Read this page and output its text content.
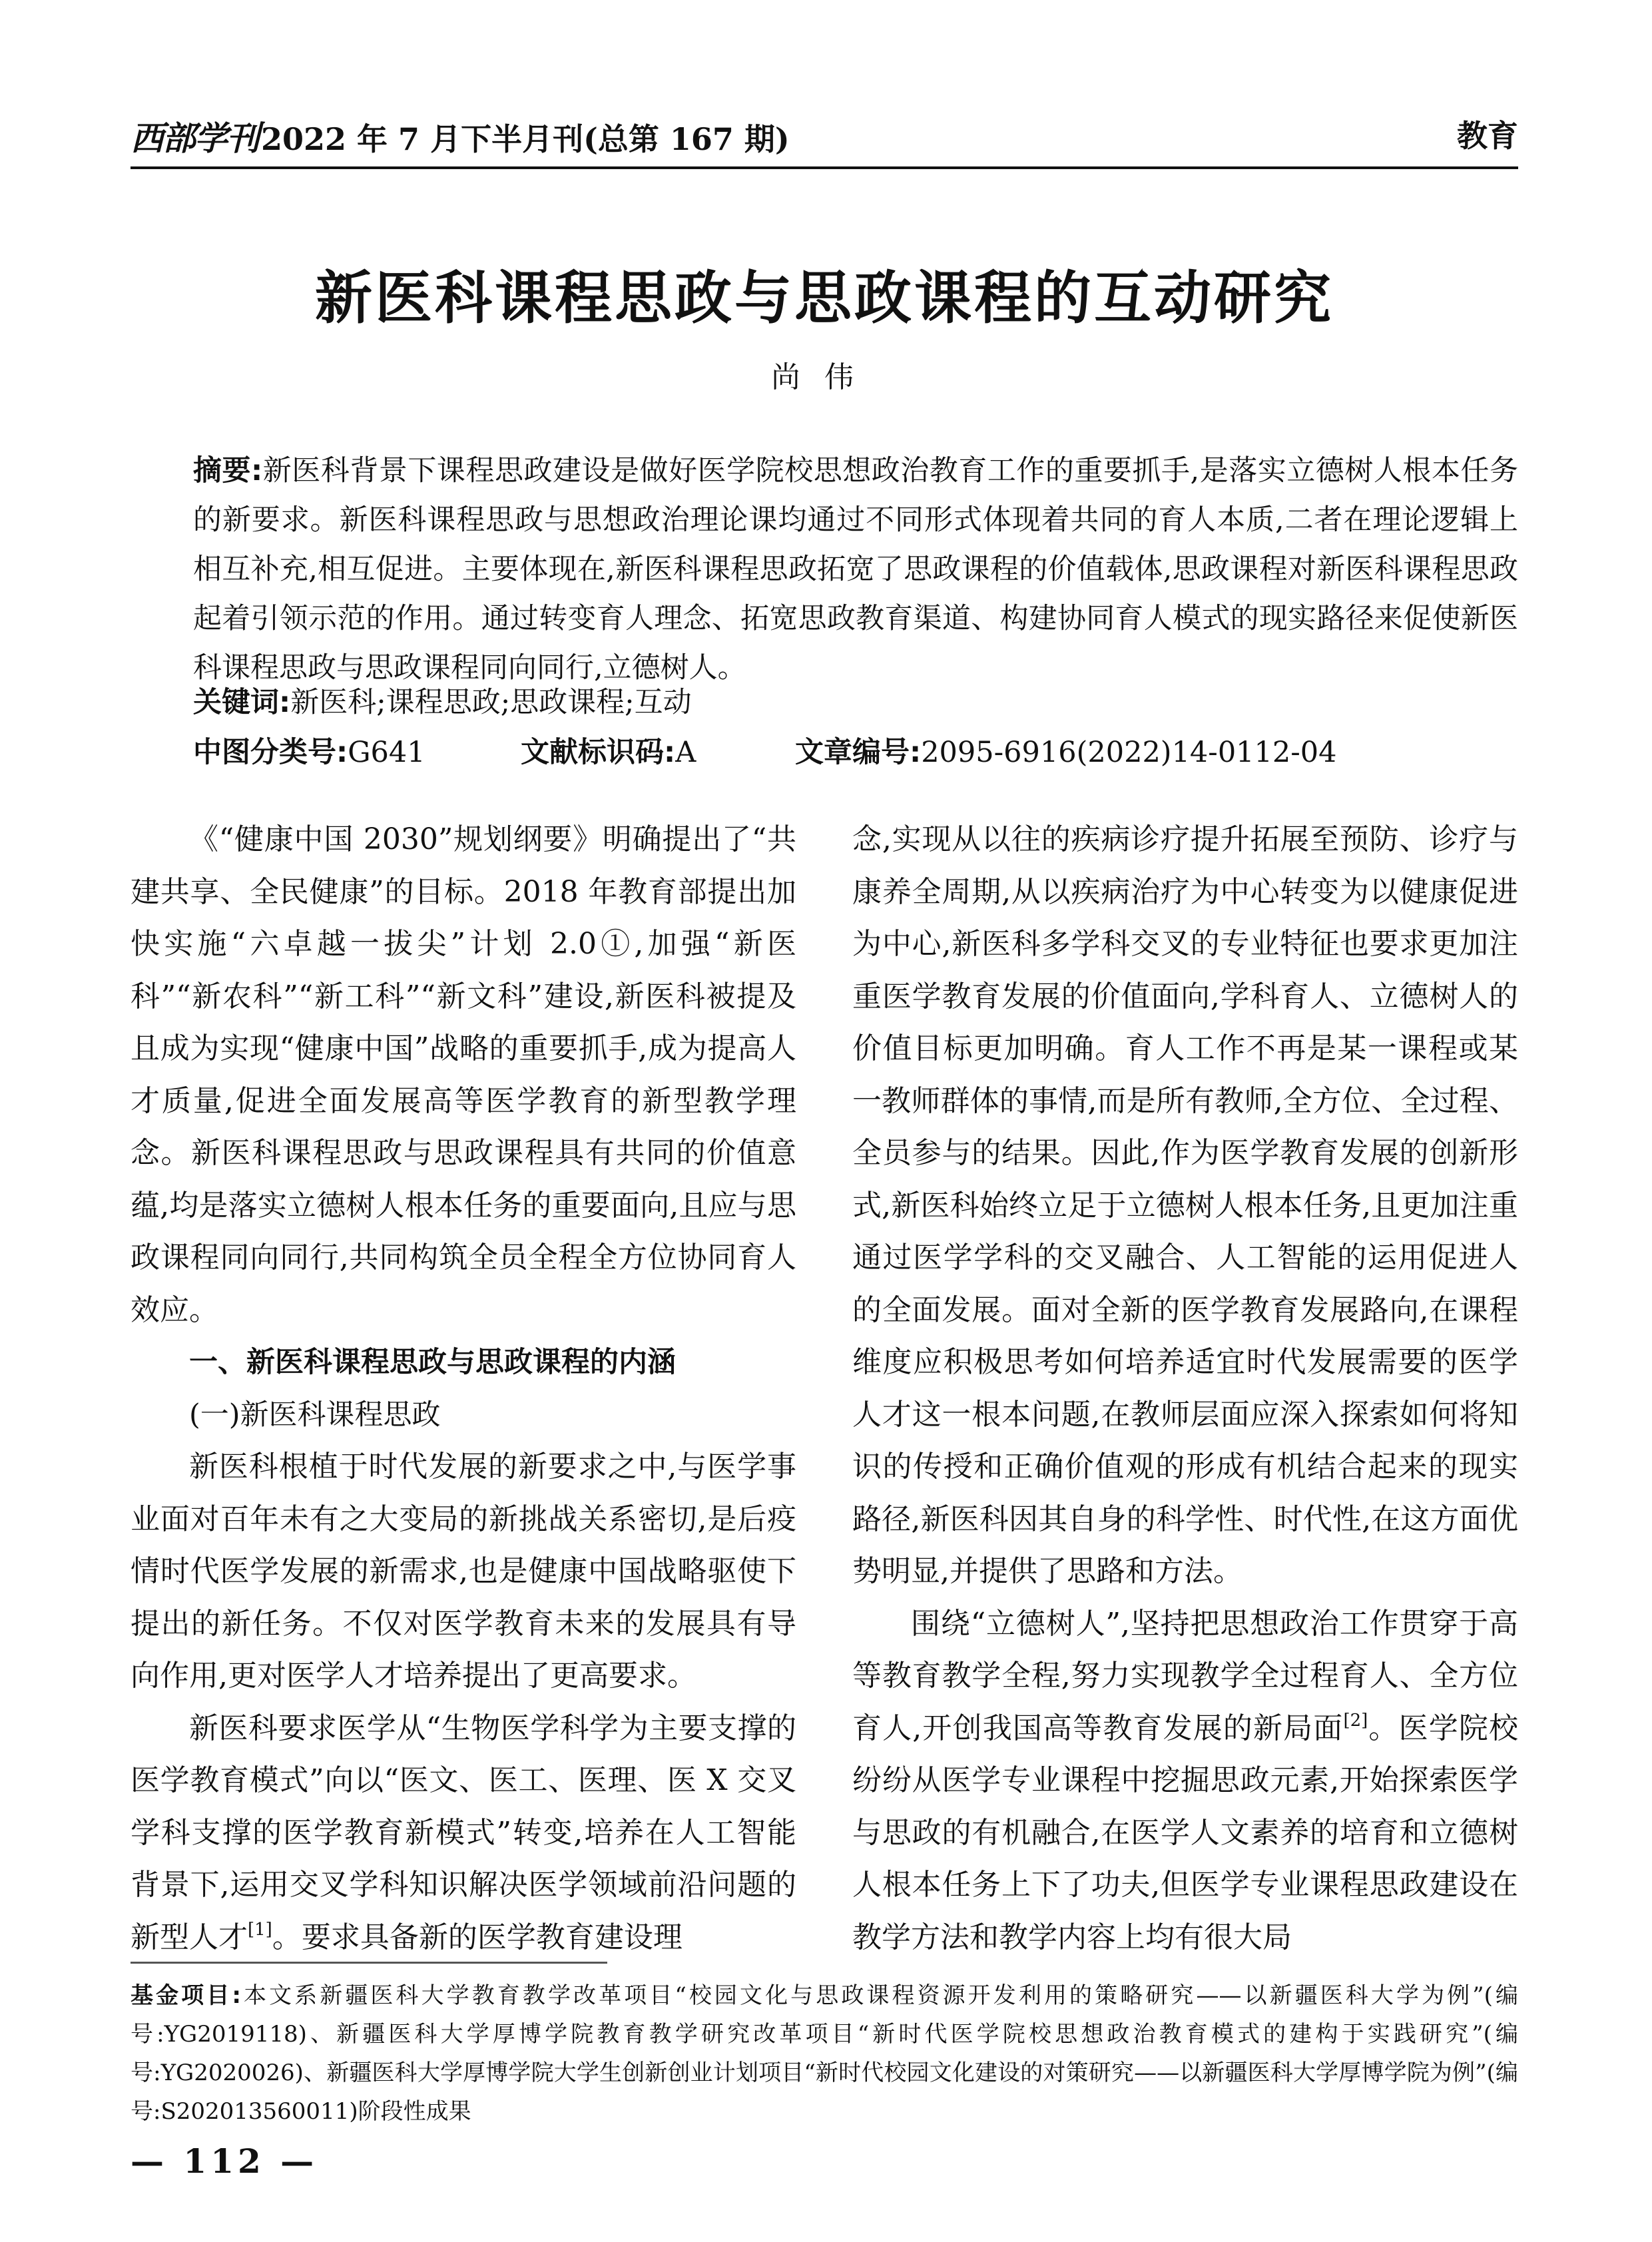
西部学刊2022 年 7 月下半月刊(总第 167 期)	教育
新医科课程思政与思政课程的互动研究
尚伟

摘要:新医科背景下课程思政建设是做好医学院校思想政治教育工作的重要抓手,是落实立德树人根本任务的新要求。新医科课程思政与思想政治理论课均通过不同形式体现着共同的育人本质,二者在理论逻辑上相互补充,相互促进。主要体现在,新医科课程思政拓宽了思政课程的价值载体,思政课程对新医科课程思政起着引领示范的作用。通过转变育人理念、拓宽思政教育渠道、构建协同育人模式的现实路径来促使新医科课程思政与思政课程同向同行,立德树人。

关键词:新医科;课程思政;思政课程;互动
中图分类号:G641	文献标识码:A	文章编号:2095-6916(2022)14-0112-04

《“健康中国 2030”规划纲要》明确提出了“共建共享、全民健康”的目标。2018 年教育部提出加快实施“六卓越一拔尖”计划 2.0①,加强“新医科”“新农科”“新工科”“新文科”建设,新医科被提及且成为实现“健康中国”战略的重要抓手,成为提高人才质量,促进全面发展高等医学教育的新型教学理念。新医科课程思政与思政课程具有共同的价值意蕴,均是落实立德树人根本任务的重要面向,且应与思政课程同向同行,共同构筑全员全程全方位协同育人效应。

一、新医科课程思政与思政课程的内涵
(一)新医科课程思政

新医科根植于时代发展的新要求之中,与医学事业面对百年未有之大变局的新挑战关系密切,是后疫情时代医学发展的新需求,也是健康中国战略驱使下提出的新任务。不仅对医学教育未来的发展具有导向作用,更对医学人才培养提出了更高要求。

新医科要求医学从“生物医学科学为主要支撑的医学教育模式”向以“医文、医工、医理、医 X 交叉学科支撑的医学教育新模式”转变,培养在人工智能背景下,运用交叉学科知识解决医学领域前沿问题的新型人才[1]。要求具备新的医学教育建设理

念,实现从以往的疾病诊疗提升拓展至预防、诊疗与康养全周期,从以疾病治疗为中心转变为以健康促进为中心,新医科多学科交叉的专业特征也要求更加注重医学教育发展的价值面向,学科育人、立德树人的价值目标更加明确。育人工作不再是某一课程或某一教师群体的事情,而是所有教师,全方位、全过程、全员参与的结果。因此,作为医学教育发展的创新形式,新医科始终立足于立德树人根本任务,且更加注重通过医学学科的交叉融合、人工智能的运用促进人的全面发展。面对全新的医学教育发展路向,在课程维度应积极思考如何培养适宜时代发展需要的医学人才这一根本问题,在教师层面应深入探索如何将知识的传授和正确价值观的形成有机结合起来的现实路径,新医科因其自身的科学性、时代性,在这方面优势明显,并提供了思路和方法。

围绕“立德树人”,坚持把思想政治工作贯穿于高等教育教学全程,努力实现教学全过程育人、全方位育人,开创我国高等教育发展的新局面[2]。医学院校纷纷从医学专业课程中挖掘思政元素,开始探索医学与思政的有机融合,在医学人文素养的培育和立德树人根本任务上下了功夫,但医学专业课程思政建设在教学方法和教学内容上均有很大局

基金项目:本文系新疆医科大学教育教学改革项目“校园文化与思政课程资源开发利用的策略研究——以新疆医科大学为例”(编号:YG2019118)、新疆医科大学厚博学院教育教学研究改革项目“新时代医学院校思想政治教育模式的建构于实践研究”(编号:YG2020026)、新疆医科大学厚博学院大学生创新创业计划项目“新时代校园文化建设的对策研究——以新疆医科大学厚博学院为例”(编号:S202013560011)阶段性成果

— 112 —
